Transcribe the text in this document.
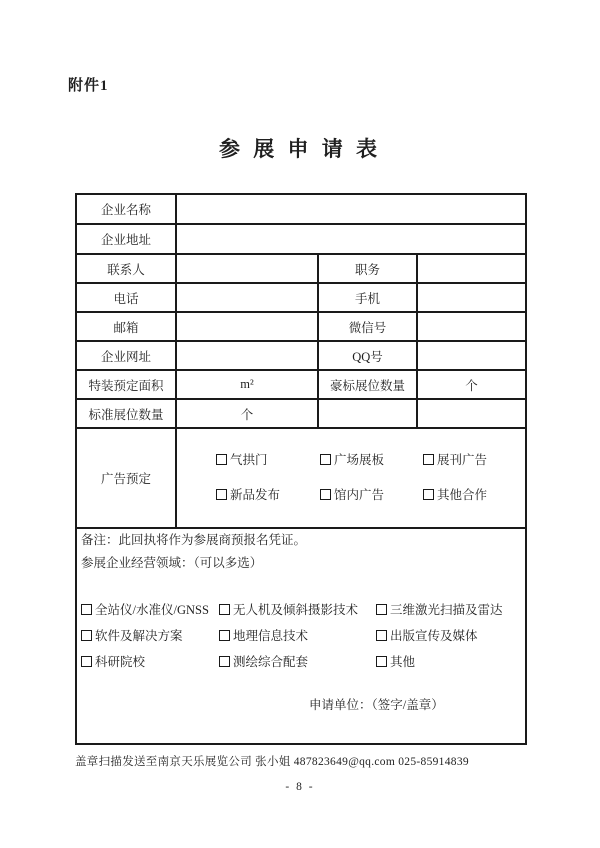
附件1
参 展 申 请 表
企业名称			
企业地址			
联系人		职务	
电话		手机	
邮箱		微信号	
企业网址		QQ号	
特装预定面积	m²	豪标展位数量	个
标准展位数量	个		
广告预定	
气拱门	广场展板	展刊广告
新品发布	馆内广告	其他合作

备注：此回执将作为参展商预报名凭证。
参展企业经营领域：（可以多选）
全站仪/水准仪/GNSS	无人机及倾斜摄影技术	三维激光扫描及雷达
软件及解决方案	地理信息技术	出版宣传及媒体
科研院校	测绘综合配套	其他
申请单位：（签字/盖章）
盖章扫描发送至南京天乐展览公司 张小姐 487823649@qq.com 025-85914839
- 8 -
